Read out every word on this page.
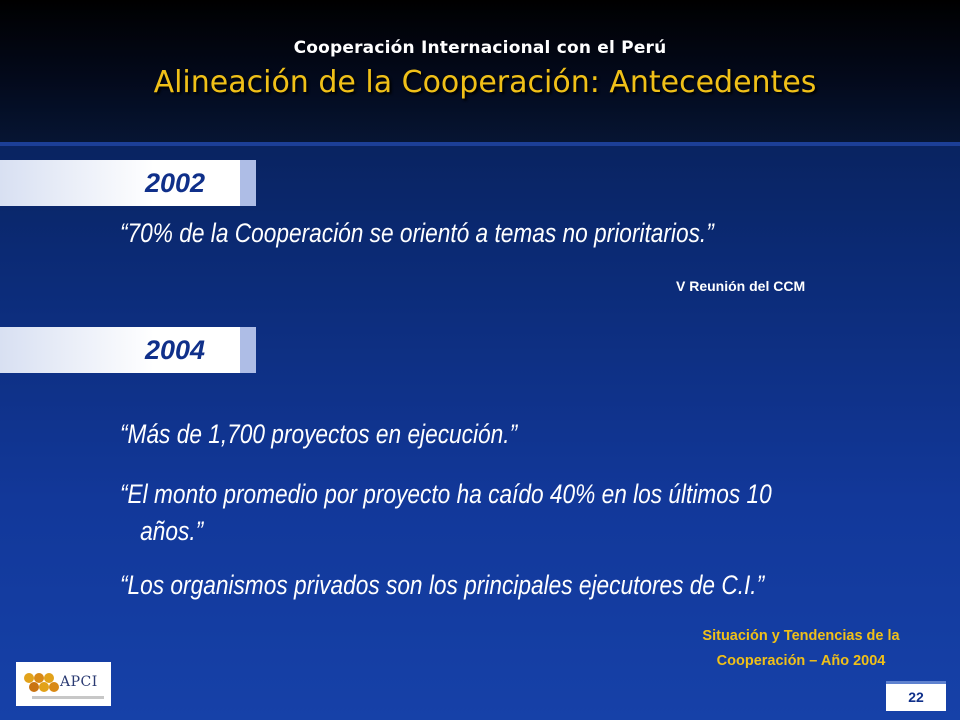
Cooperación Internacional con el Perú
Alineación de la Cooperación: Antecedentes
2002
“70% de la Cooperación se orientó a temas no prioritarios.”
V Reunión del CCM
2004
“Más de 1,700 proyectos en ejecución.”
“El monto promedio por proyecto ha caído 40% en los últimos 10
años.”
“Los organismos privados son los principales ejecutores de C.I.”
Situación y Tendencias de la
Cooperación – Año 2004
APCI
22
